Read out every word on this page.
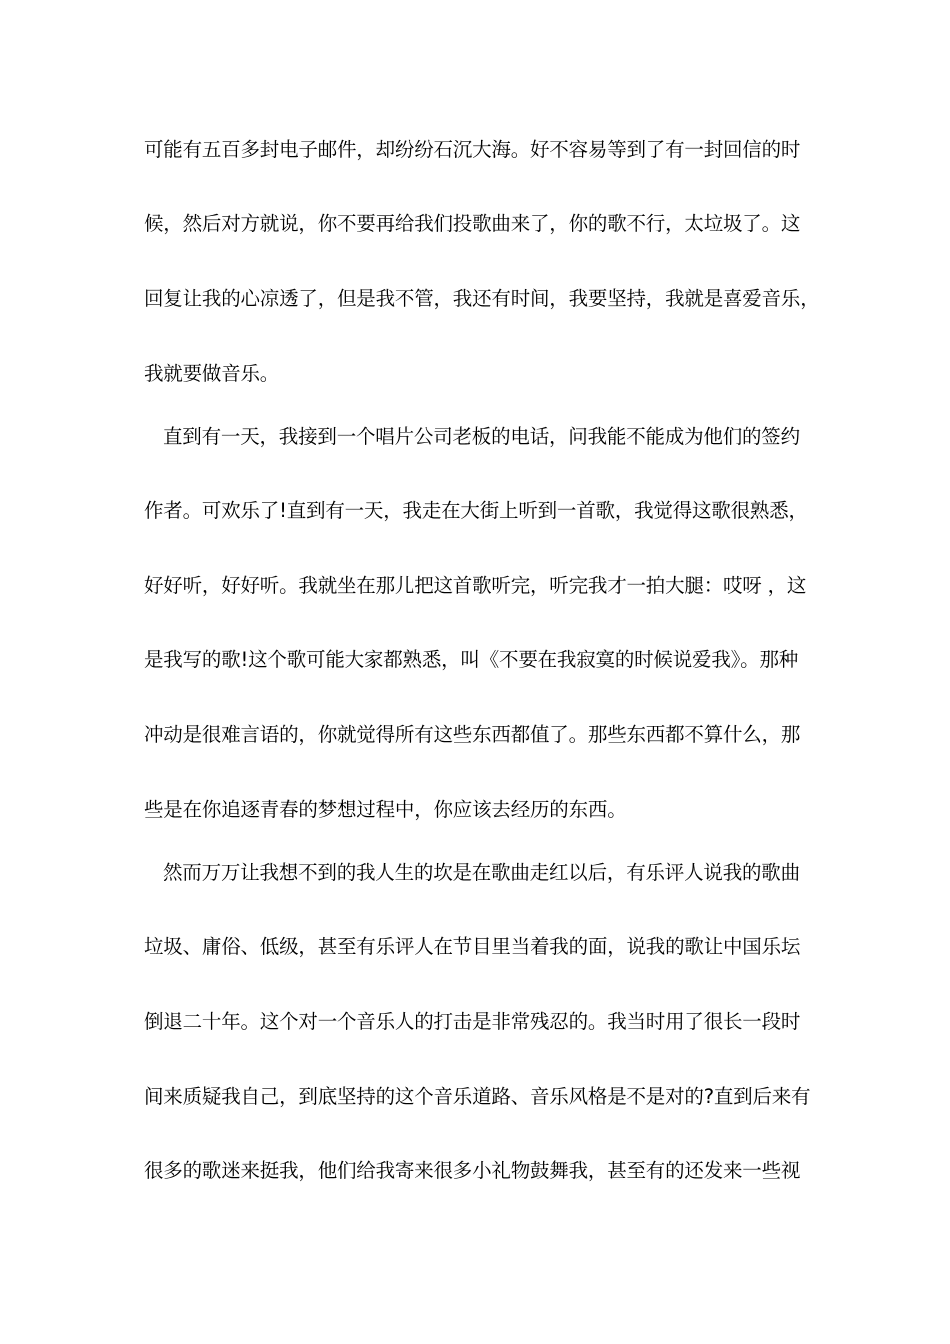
可能有五百多封电子邮件，却纷纷石沉大海。好不容易等到了有一封回信的时
候，然后对方就说，你不要再给我们投歌曲来了，你的歌不行，太垃圾了。这
回复让我的心凉透了，但是我不管，我还有时间，我要坚持，我就是喜爱音乐，
我就要做音乐。
直到有一天，我接到一个唱片公司老板的电话，问我能不能成为他们的签约
作者。可欢乐了!直到有一天，我走在大街上听到一首歌，我觉得这歌很熟悉，
好好听，好好听。我就坐在那儿把这首歌听完，听完我才一拍大腿：哎呀 ，这
是我写的歌!这个歌可能大家都熟悉，叫《不要在我寂寞的时候说爱我》。那种
冲动是很难言语的，你就觉得所有这些东西都值了。那些东西都不算什么，那
些是在你追逐青春的梦想过程中，你应该去经历的东西。
然而万万让我想不到的我人生的坎是在歌曲走红以后，有乐评人说我的歌曲
垃圾、庸俗、低级，甚至有乐评人在节目里当着我的面，说我的歌让中国乐坛
倒退二十年。这个对一个音乐人的打击是非常残忍的。我当时用了很长一段时
间来质疑我自己，到底坚持的这个音乐道路、音乐风格是不是对的?直到后来有
很多的歌迷来挺我，他们给我寄来很多小礼物鼓舞我，甚至有的还发来一些视
